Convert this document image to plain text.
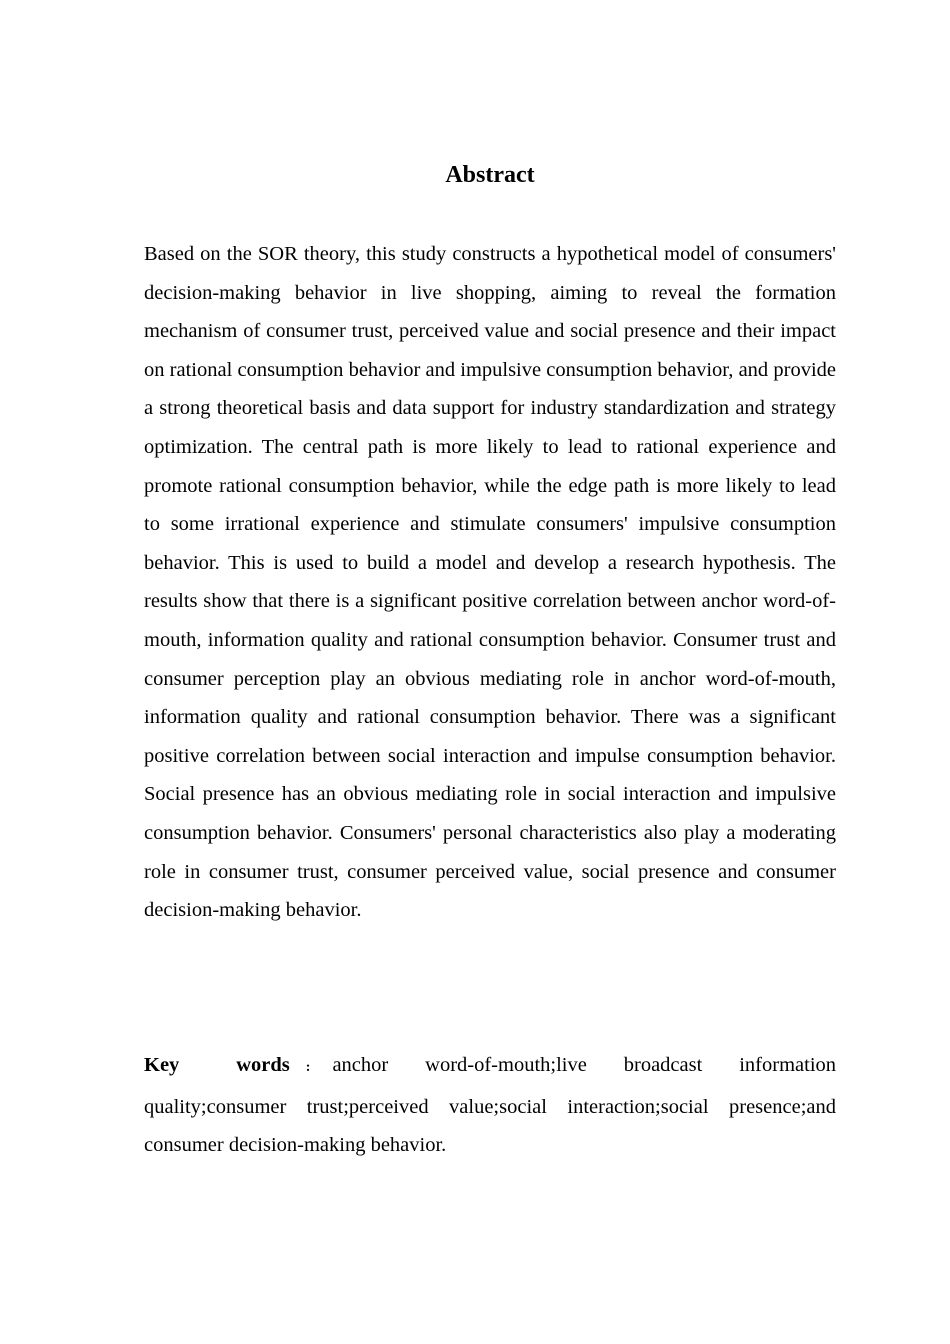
Abstract

Based on the SOR theory, this study constructs a hypothetical model of consumers' decision-making behavior in live shopping, aiming to reveal the formation mechanism of consumer trust, perceived value and social presence and their impact on rational consumption behavior and impulsive consumption behavior, and provide a strong theoretical basis and data support for industry standardization and strategy optimization. The central path is more likely to lead to rational experience and promote rational consumption behavior, while the edge path is more likely to lead to some irrational experience and stimulate consumers' impulsive consumption behavior. This is used to build a model and develop a research hypothesis. The results show that there is a significant positive correlation between anchor word-of-mouth, information quality and rational consumption behavior. Consumer trust and consumer perception play an obvious mediating role in anchor word-of-mouth, information quality and rational consumption behavior. There was a significant positive correlation between social interaction and impulse consumption behavior. Social presence has an obvious mediating role in social interaction and impulsive consumption behavior. Consumers' personal characteristics also play a moderating role in consumer trust, consumer perceived value, social presence and consumer decision-making behavior.

Key words : anchor word-of-mouth;live broadcast information quality;consumer trust;perceived value;social interaction;social presence;and consumer decision-making behavior.
